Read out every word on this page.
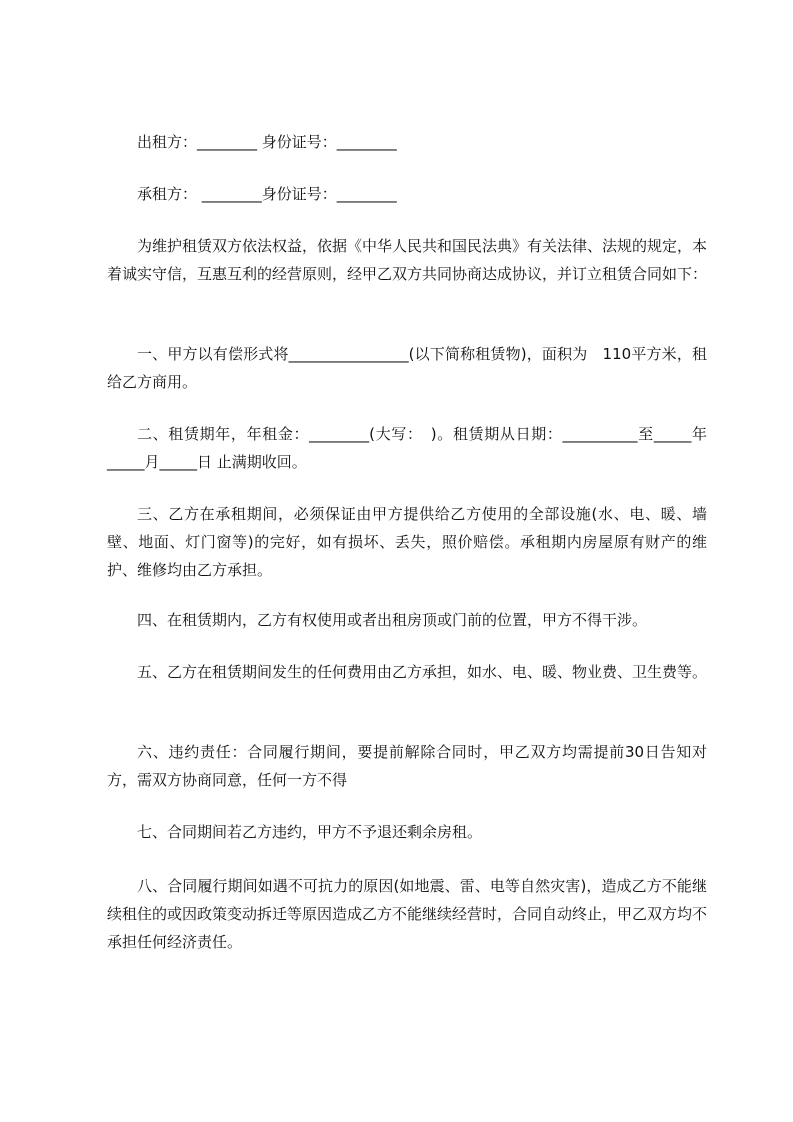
出租方：________ 身份证号：________
承租方： ________身份证号：________
为维护租赁双方依法权益，依据《中华人民共和国民法典》有关法律、法规的规定，本着诚实守信，互惠互利的经营原则，经甲乙双方共同协商达成协议，并订立租赁合同如下：
一、甲方以有偿形式将________________(以下简称租赁物)，面积为　110平方米，租给乙方商用。
二、租赁期年，年租金：________(大写：　)。租赁期从日期：__________至_____年_____月_____日 止满期收回。
三、乙方在承租期间，必须保证由甲方提供给乙方使用的全部设施(水、电、暖、墙壁、地面、灯门窗等)的完好，如有损坏、丢失，照价赔偿。承租期内房屋原有财产的维护、维修均由乙方承担。
四、在租赁期内，乙方有权使用或者出租房顶或门前的位置，甲方不得干涉。
五、乙方在租赁期间发生的任何费用由乙方承担，如水、电、暖、物业费、卫生费等。
六、违约责任：合同履行期间，要提前解除合同时，甲乙双方均需提前30日告知对方，需双方协商同意，任何一方不得
七、合同期间若乙方违约，甲方不予退还剩余房租。
八、合同履行期间如遇不可抗力的原因(如地震、雷、电等自然灾害)，造成乙方不能继续租住的或因政策变动拆迁等原因造成乙方不能继续经营时，合同自动终止，甲乙双方均不承担任何经济责任。
